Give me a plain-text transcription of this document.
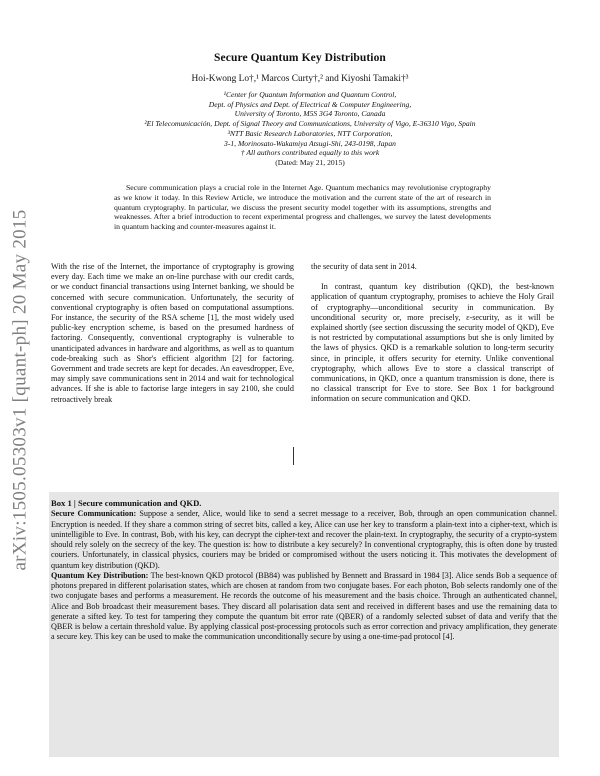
arXiv:1505.05303v1 [quant-ph] 20 May 2015
Secure Quantum Key Distribution
Hoi-Kwong Lo†,¹ Marcos Curty†,² and Kiyoshi Tamaki†³
¹Center for Quantum Information and Quantum Control,
Dept. of Physics and Dept. of Electrical & Computer Engineering,
University of Toronto, M5S 3G4 Toronto, Canada
²El Telecomunicación, Dept. of Signal Theory and Communications, University of Vigo, E-36310 Vigo, Spain
³NTT Basic Research Laboratories, NTT Corporation,
3-1, Morinosato-Wakamiya Atsugi-Shi, 243-0198, Japan
† All authors contributed equally to this work
(Dated: May 21, 2015)
Secure communication plays a crucial role in the Internet Age. Quantum mechanics may revolutionise cryptography as we know it today. In this Review Article, we introduce the motivation and the current state of the art of research in quantum cryptography. In particular, we discuss the present security model together with its assumptions, strengths and weaknesses. After a brief introduction to recent experimental progress and challenges, we survey the latest developments in quantum hacking and counter-measures against it.

With the rise of the Internet, the importance of cryptography is growing every day. Each time we make an on-line purchase with our credit cards, or we conduct financial transactions using Internet banking, we should be concerned with secure communication. Unfortunately, the security of conventional cryptography is often based on computational assumptions. For instance, the security of the RSA scheme [1], the most widely used public-key encryption scheme, is based on the presumed hardness of factoring. Consequently, conventional cryptography is vulnerable to unanticipated advances in hardware and algorithms, as well as to quantum code-breaking such as Shor's efficient algorithm [2] for factoring. Government and trade secrets are kept for decades. An eavesdropper, Eve, may simply save communications sent in 2014 and wait for technological advances. If she is able to factorise large integers in say 2100, she could retroactively break

the security of data sent in 2014.

In contrast, quantum key distribution (QKD), the best-known application of quantum cryptography, promises to achieve the Holy Grail of cryptography—unconditional security in communication. By unconditional security or, more precisely, ε-security, as it will be explained shortly (see section discussing the security model of QKD), Eve is not restricted by computational assumptions but she is only limited by the laws of physics. QKD is a remarkable solution to long-term security since, in principle, it offers security for eternity. Unlike conventional cryptography, which allows Eve to store a classical transcript of communications, in QKD, once a quantum transmission is done, there is no classical transcript for Eve to store. See Box 1 for background information on secure communication and QKD.

Box 1 | Secure communication and QKD.

Secure Communication: Suppose a sender, Alice, would like to send a secret message to a receiver, Bob, through an open communication channel. Encryption is needed. If they share a common string of secret bits, called a key, Alice can use her key to transform a plain-text into a cipher-text, which is unintelligible to Eve. In contrast, Bob, with his key, can decrypt the cipher-text and recover the plain-text. In cryptography, the security of a crypto-system should rely solely on the secrecy of the key. The question is: how to distribute a key securely? In conventional cryptography, this is often done by trusted couriers. Unfortunately, in classical physics, couriers may be brided or compromised without the users noticing it. This motivates the development of quantum key distribution (QKD).

Quantum Key Distribution: The best-known QKD protocol (BB84) was published by Bennett and Brassard in 1984 [3]. Alice sends Bob a sequence of photons prepared in different polarisation states, which are chosen at random from two conjugate bases. For each photon, Bob selects randomly one of the two conjugate bases and performs a measurement. He records the outcome of his measurement and the basis choice. Through an authenticated channel, Alice and Bob broadcast their measurement bases. They discard all polarisation data sent and received in different bases and use the remaining data to generate a sifted key. To test for tampering they compute the quantum bit error rate (QBER) of a randomly selected subset of data and verify that the QBER is below a certain threshold value. By applying classical post-processing protocols such as error correction and privacy amplification, they generate a secure key. This key can be used to make the communication unconditionally secure by using a one-time-pad protocol [4].
